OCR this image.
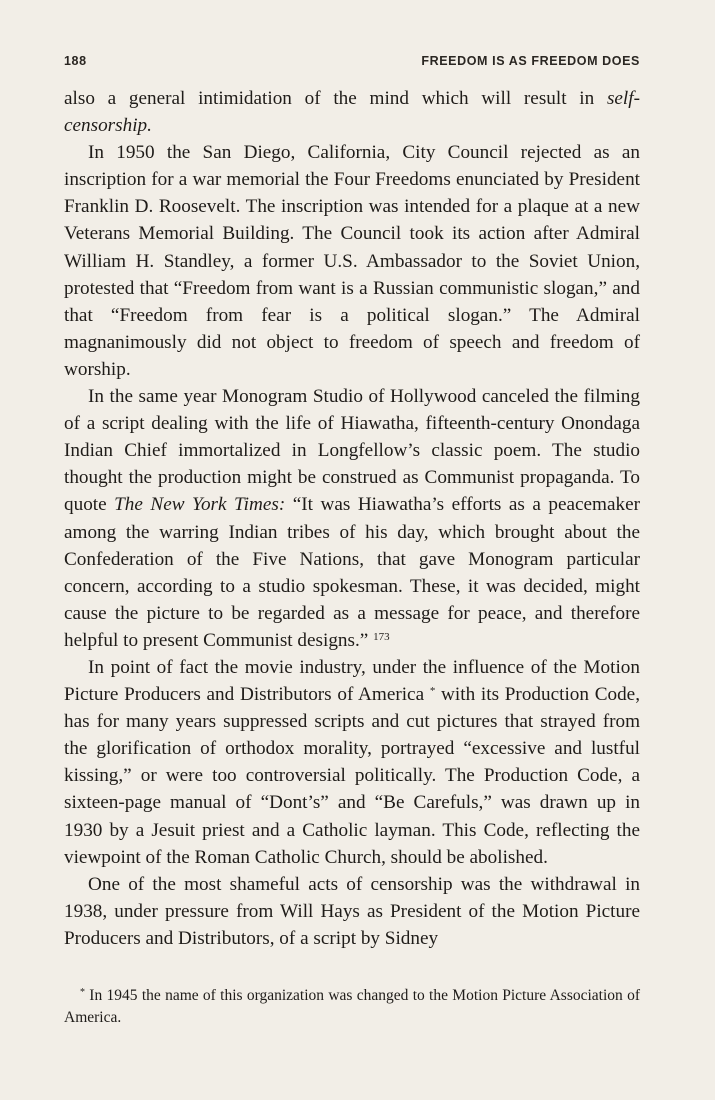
188	FREEDOM IS AS FREEDOM DOES

also a general intimidation of the mind which will result in self-censorship.

In 1950 the San Diego, California, City Council rejected as an inscription for a war memorial the Four Freedoms enunciated by President Franklin D. Roosevelt. The inscription was intended for a plaque at a new Veterans Memorial Building. The Council took its action after Admiral William H. Standley, a former U.S. Ambassador to the Soviet Union, protested that “Freedom from want is a Russian communistic slogan,” and that “Freedom from fear is a political slogan.” The Admiral magnanimously did not object to freedom of speech and freedom of worship.

In the same year Monogram Studio of Hollywood canceled the filming of a script dealing with the life of Hiawatha, fifteenth-century Onondaga Indian Chief immortalized in Longfellow’s classic poem. The studio thought the production might be construed as Communist propaganda. To quote The New York Times: “It was Hiawatha’s efforts as a peacemaker among the warring Indian tribes of his day, which brought about the Confederation of the Five Nations, that gave Monogram particular concern, according to a studio spokesman. These, it was decided, might cause the picture to be regarded as a message for peace, and therefore helpful to present Communist designs.” $^{173}$

In point of fact the movie industry, under the influence of the Motion Picture Producers and Distributors of America * with its Production Code, has for many years suppressed scripts and cut pictures that strayed from the glorification of orthodox morality, portrayed “excessive and lustful kissing,” or were too controversial politically. The Production Code, a sixteen-page manual of “Dont’s” and “Be Carefuls,” was drawn up in 1930 by a Jesuit priest and a Catholic layman. This Code, reflecting the viewpoint of the Roman Catholic Church, should be abolished.

One of the most shameful acts of censorship was the withdrawal in 1938, under pressure from Will Hays as President of the Motion Picture Producers and Distributors, of a script by Sidney

* In 1945 the name of this organization was changed to the Motion Picture Association of America.
